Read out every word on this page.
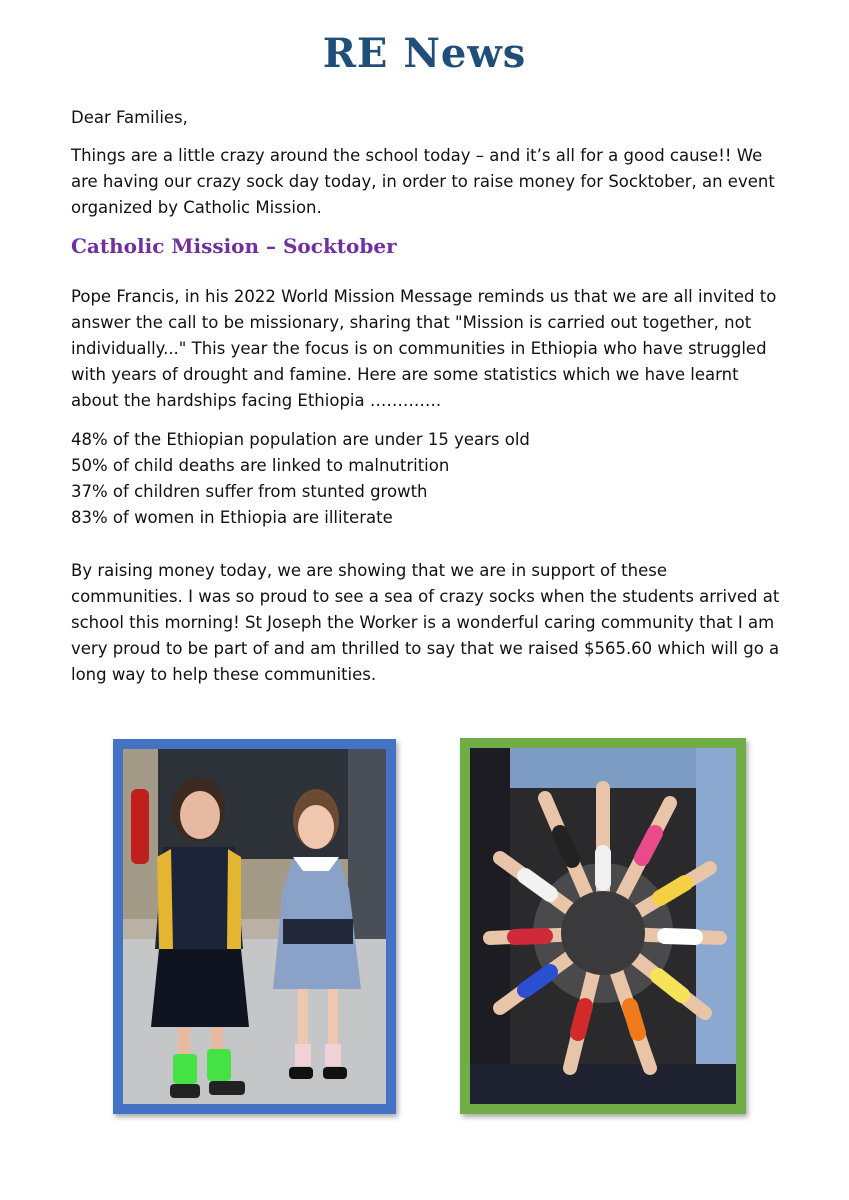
RE News

Dear Families,

Things are a little crazy around the school today – and it’s all for a good cause!! We are having our crazy sock day today, in order to raise money for Socktober, an event organized by Catholic Mission.

Catholic Mission – Socktober

Pope Francis, in his 2022 World Mission Message reminds us that we are all invited to answer the call to be missionary, sharing that "Mission is carried out together, not individually..." This year the focus is on communities in Ethiopia who have struggled with years of drought and famine. Here are some statistics which we have learnt about the hardships facing Ethiopia ………….

48% of the Ethiopian population are under 15 years old
50% of child deaths are linked to malnutrition
37% of children suffer from stunted growth
83% of women in Ethiopia are illiterate

By raising money today, we are showing that we are in support of these communities. I was so proud to see a sea of crazy socks when the students arrived at school this morning! St Joseph the Worker is a wonderful caring community that I am very proud to be part of and am thrilled to say that we raised $565.60 which will go a long way to help these communities.
